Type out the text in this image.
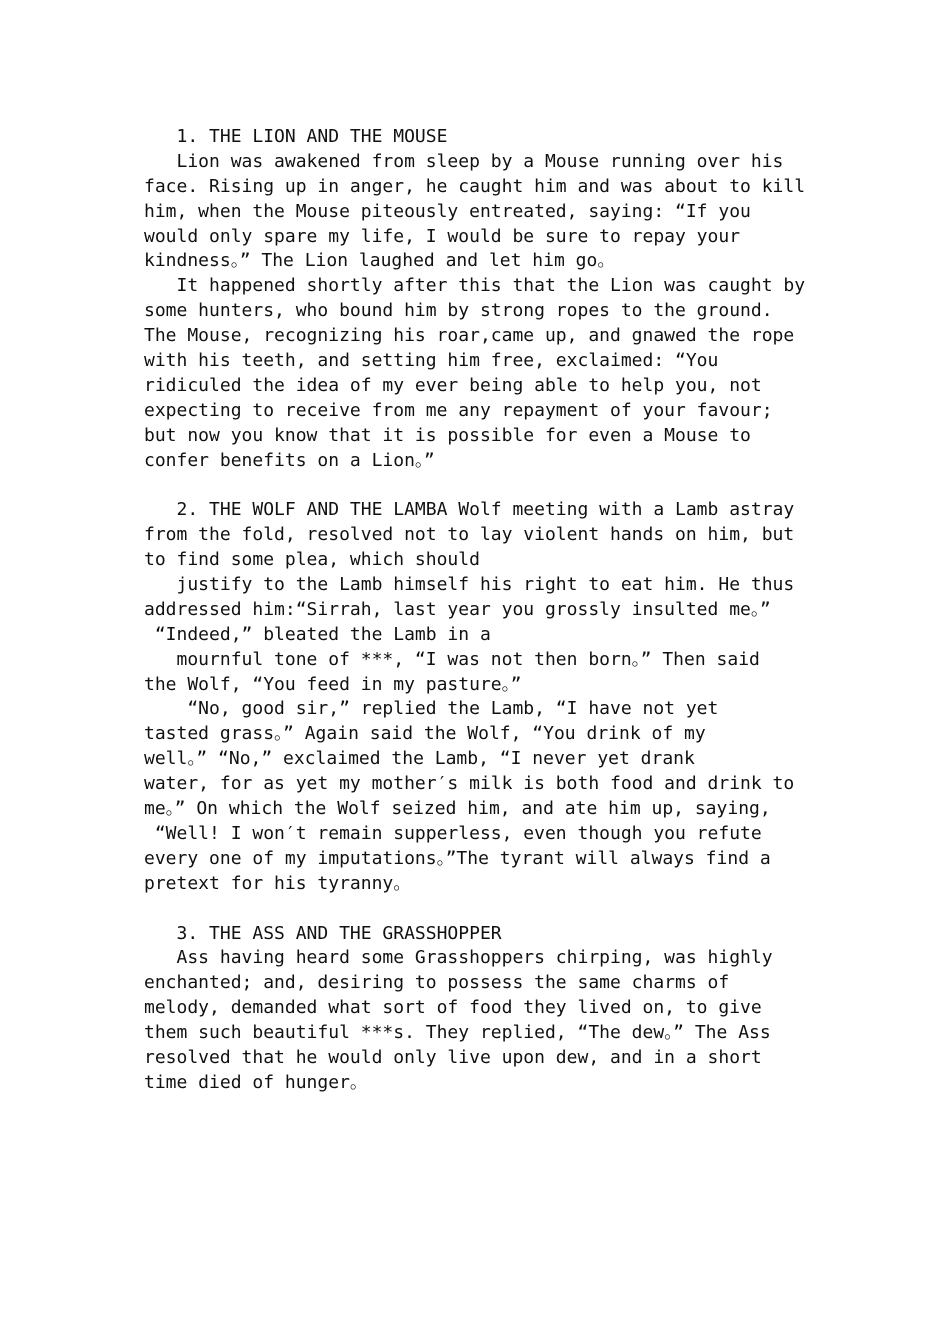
1. THE LION AND THE MOUSE
Lion was awakened from sleep by a Mouse running over his
face. Rising up in anger, he caught him and was about to kill
him, when the Mouse piteously entreated, saying: “If you
would only spare my life, I would be sure to repay your
kindness。” The Lion laughed and let him go。
It happened shortly after this that the Lion was caught by
some hunters, who bound him by strong ropes to the ground.
The Mouse, recognizing his roar,came up, and gnawed the rope
with his teeth, and setting him free, exclaimed: “You
ridiculed the idea of my ever being able to help you, not
expecting to receive from me any repayment of your favour;
but now you know that it is possible for even a Mouse to
confer benefits on a Lion。”
2. THE WOLF AND THE LAMBA Wolf meeting with a Lamb astray
from the fold, resolved not to lay violent hands on him, but
to find some plea, which should
justify to the Lamb himself his right to eat him. He thus
addressed him:“Sirrah, last year you grossly insulted me。”
“Indeed,” bleated the Lamb in a
mournful tone of ***, “I was not then born。” Then said
the Wolf, “You feed in my pasture。”
“No, good sir,” replied the Lamb, “I have not yet
tasted grass。” Again said the Wolf, “You drink of my
well。” “No,” exclaimed the Lamb, “I never yet drank
water, for as yet my mother′s milk is both food and drink to
me。” On which the Wolf seized him, and ate him up, saying,
“Well! I won′t remain supperless, even though you refute
every one of my imputations。”The tyrant will always find a
pretext for his tyranny。
3. THE ASS AND THE GRASSHOPPER
Ass having heard some Grasshoppers chirping, was highly
enchanted; and, desiring to possess the same charms of
melody, demanded what sort of food they lived on, to give
them such beautiful ***s. They replied, “The dew。” The Ass
resolved that he would only live upon dew, and in a short
time died of hunger。
